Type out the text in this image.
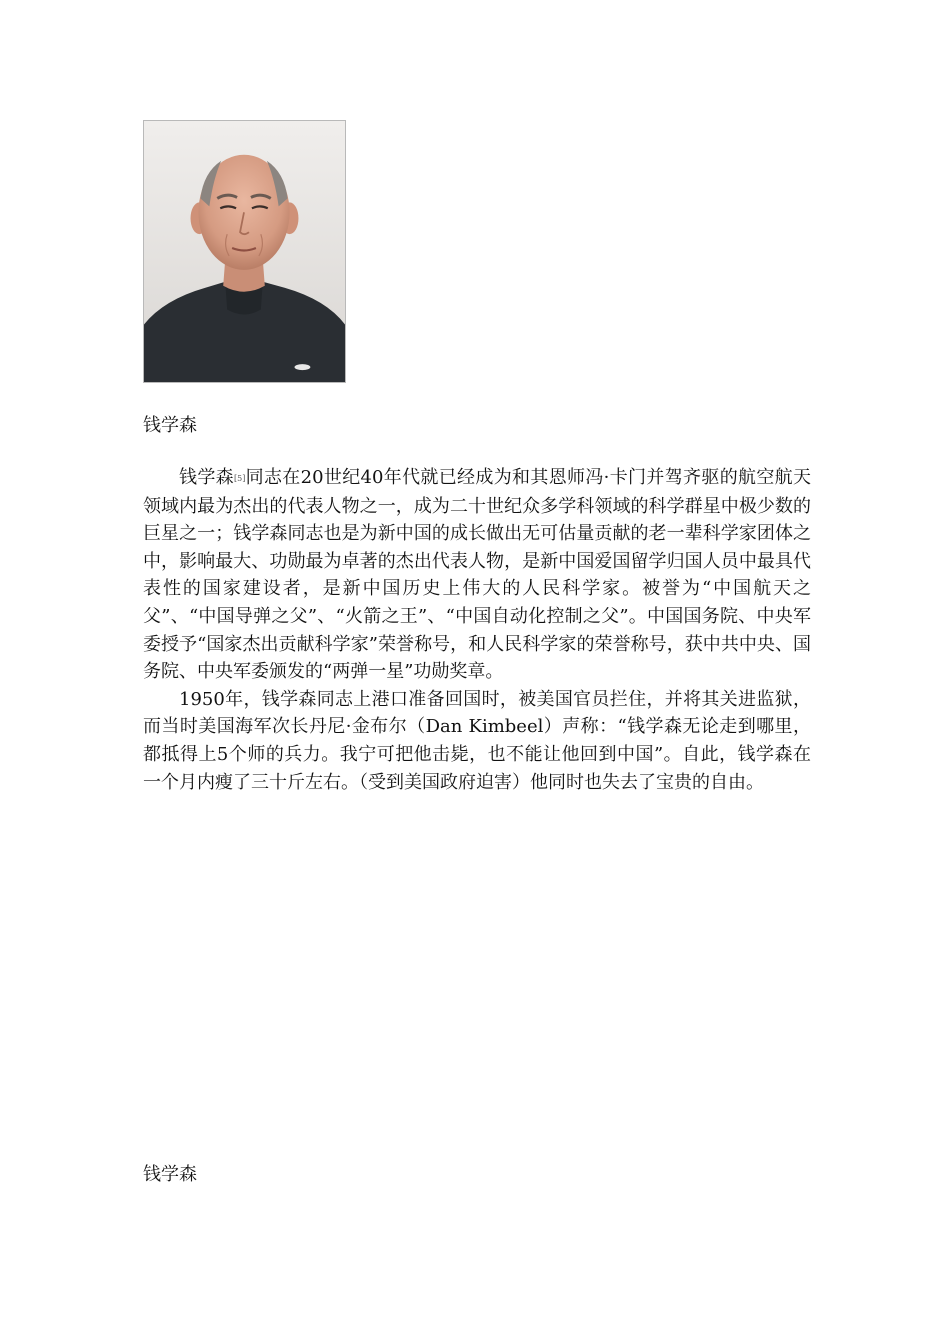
钱学森

钱学森[5]同志在20世纪40年代就已经成为和其恩师冯·卡门并驾齐驱的航空航天领域内最为杰出的代表人物之一，成为二十世纪众多学科领域的科学群星中极少数的巨星之一；钱学森同志也是为新中国的成长做出无可估量贡献的老一辈科学家团体之中，影响最大、功勋最为卓著的杰出代表人物，是新中国爱国留学归国人员中最具代表性的国家建设者，是新中国历史上伟大的人民科学家。被誉为“中国航天之父”、“中国导弹之父”、“火箭之王”、“中国自动化控制之父”。中国国务院、中央军委授予“国家杰出贡献科学家”荣誉称号，和人民科学家的荣誉称号，获中共中央、国务院、中央军委颁发的“两弹一星”功勋奖章。

1950年，钱学森同志上港口准备回国时，被美国官员拦住，并将其关进监狱，而当时美国海军次长丹尼·金布尔（Dan Kimbeel）声称：“钱学森无论走到哪里，都抵得上5个师的兵力。我宁可把他击毙，也不能让他回到中国”。自此，钱学森在一个月内瘦了三十斤左右。（受到美国政府迫害）他同时也失去了宝贵的自由。

钱学森
